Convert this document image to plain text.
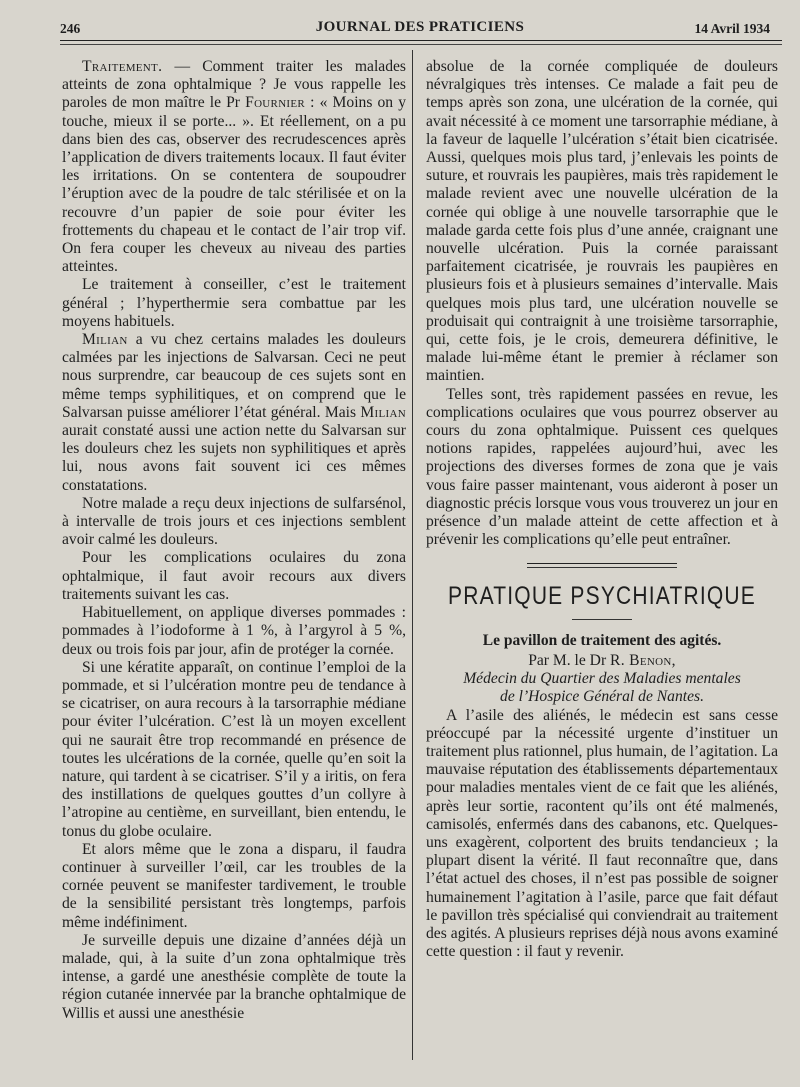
246	JOURNAL DES PRATICIENS	14 Avril 1934

Traitement. — Comment traiter les malades atteints de zona ophtalmique ? Je vous rappelle les paroles de mon maître le Pr Fournier : « Moins on y touche, mieux il se porte... ». Et réellement, on a pu dans bien des cas, observer des recrudescences après l’application de divers traitements locaux. Il faut éviter les irritations. On se contentera de soupoudrer l’éruption avec de la poudre de talc stérilisée et on la recouvre d’un papier de soie pour éviter les frottements du chapeau et le contact de l’air trop vif. On fera couper les cheveux au niveau des parties atteintes.

Le traitement à conseiller, c’est le traitement général ; l’hyperthermie sera combattue par les moyens habituels.

Milian a vu chez certains malades les douleurs calmées par les injections de Salvarsan. Ceci ne peut nous surprendre, car beaucoup de ces sujets sont en même temps syphilitiques, et on comprend que le Salvarsan puisse améliorer l’état général. Mais Milian aurait constaté aussi une action nette du Salvarsan sur les douleurs chez les sujets non syphilitiques et après lui, nous avons fait souvent ici ces mêmes constatations.

Notre malade a reçu deux injections de sulfarsénol, à intervalle de trois jours et ces injections semblent avoir calmé les douleurs.

Pour les complications oculaires du zona ophtalmique, il faut avoir recours aux divers traitements suivant les cas.

Habituellement, on applique diverses pommades : pommades à l’iodoforme à 1 %, à l’argyrol à 5 %, deux ou trois fois par jour, afin de protéger la cornée.

Si une kératite apparaît, on continue l’emploi de la pommade, et si l’ulcération montre peu de tendance à se cicatriser, on aura recours à la tarsorraphie médiane pour éviter l’ulcération. C’est là un moyen excellent qui ne saurait être trop recommandé en présence de toutes les ulcérations de la cornée, quelle qu’en soit la nature, qui tardent à se cicatriser. S’il y a iritis, on fera des instillations de quelques gouttes d’un collyre à l’atropine au centième, en surveillant, bien entendu, le tonus du globe oculaire.

Et alors même que le zona a disparu, il faudra continuer à surveiller l’œil, car les troubles de la cornée peuvent se manifester tardivement, le trouble de la sensibilité persistant très longtemps, parfois même indéfiniment.

Je surveille depuis une dizaine d’années déjà un malade, qui, à la suite d’un zona ophtalmique très intense, a gardé une anesthésie complète de toute la région cutanée innervée par la branche ophtalmique de Willis et aussi une anesthésie

absolue de la cornée compliquée de douleurs névralgiques très intenses. Ce malade a fait peu de temps après son zona, une ulcération de la cornée, qui avait nécessité à ce moment une tarsorraphie médiane, à la faveur de laquelle l’ulcération s’était bien cicatrisée. Aussi, quelques mois plus tard, j’enlevais les points de suture, et rouvrais les paupières, mais très rapidement le malade revient avec une nouvelle ulcération de la cornée qui oblige à une nouvelle tarsorraphie que le malade garda cette fois plus d’une année, craignant une nouvelle ulcération. Puis la cornée paraissant parfaitement cicatrisée, je rouvrais les paupières en plusieurs fois et à plusieurs semaines d’intervalle. Mais quelques mois plus tard, une ulcération nouvelle se produisait qui contraignit à une troisième tarsorraphie, qui, cette fois, je le crois, demeurera définitive, le malade lui-même étant le premier à réclamer son maintien.

Telles sont, très rapidement passées en revue, les complications oculaires que vous pourrez observer au cours du zona ophtalmique. Puissent ces quelques notions rapides, rappelées aujourd’hui, avec les projections des diverses formes de zona que je vais vous faire passer maintenant, vous aideront à poser un diagnostic précis lorsque vous vous trouverez un jour en présence d’un malade atteint de cette affection et à prévenir les complications qu’elle peut entraîner.

PRATIQUE PSYCHIATRIQUE
Le pavillon de traitement des agités.
Par M. le Dr R. Benon,
Médecin du Quartier des Maladies mentales
de l’Hospice Général de Nantes.

A l’asile des aliénés, le médecin est sans cesse préoccupé par la nécessité urgente d’instituer un traitement plus rationnel, plus humain, de l’agitation. La mauvaise réputation des établissements départementaux pour maladies mentales vient de ce fait que les aliénés, après leur sortie, racontent qu’ils ont été malmenés, camisolés, enfermés dans des cabanons, etc. Quelques-uns exagèrent, colportent des bruits tendancieux ; la plupart disent la vérité. Il faut reconnaître que, dans l’état actuel des choses, il n’est pas possible de soigner humainement l’agitation à l’asile, parce que fait défaut le pavillon très spécialisé qui conviendrait au traitement des agités. A plusieurs reprises déjà nous avons examiné cette question : il faut y revenir.
